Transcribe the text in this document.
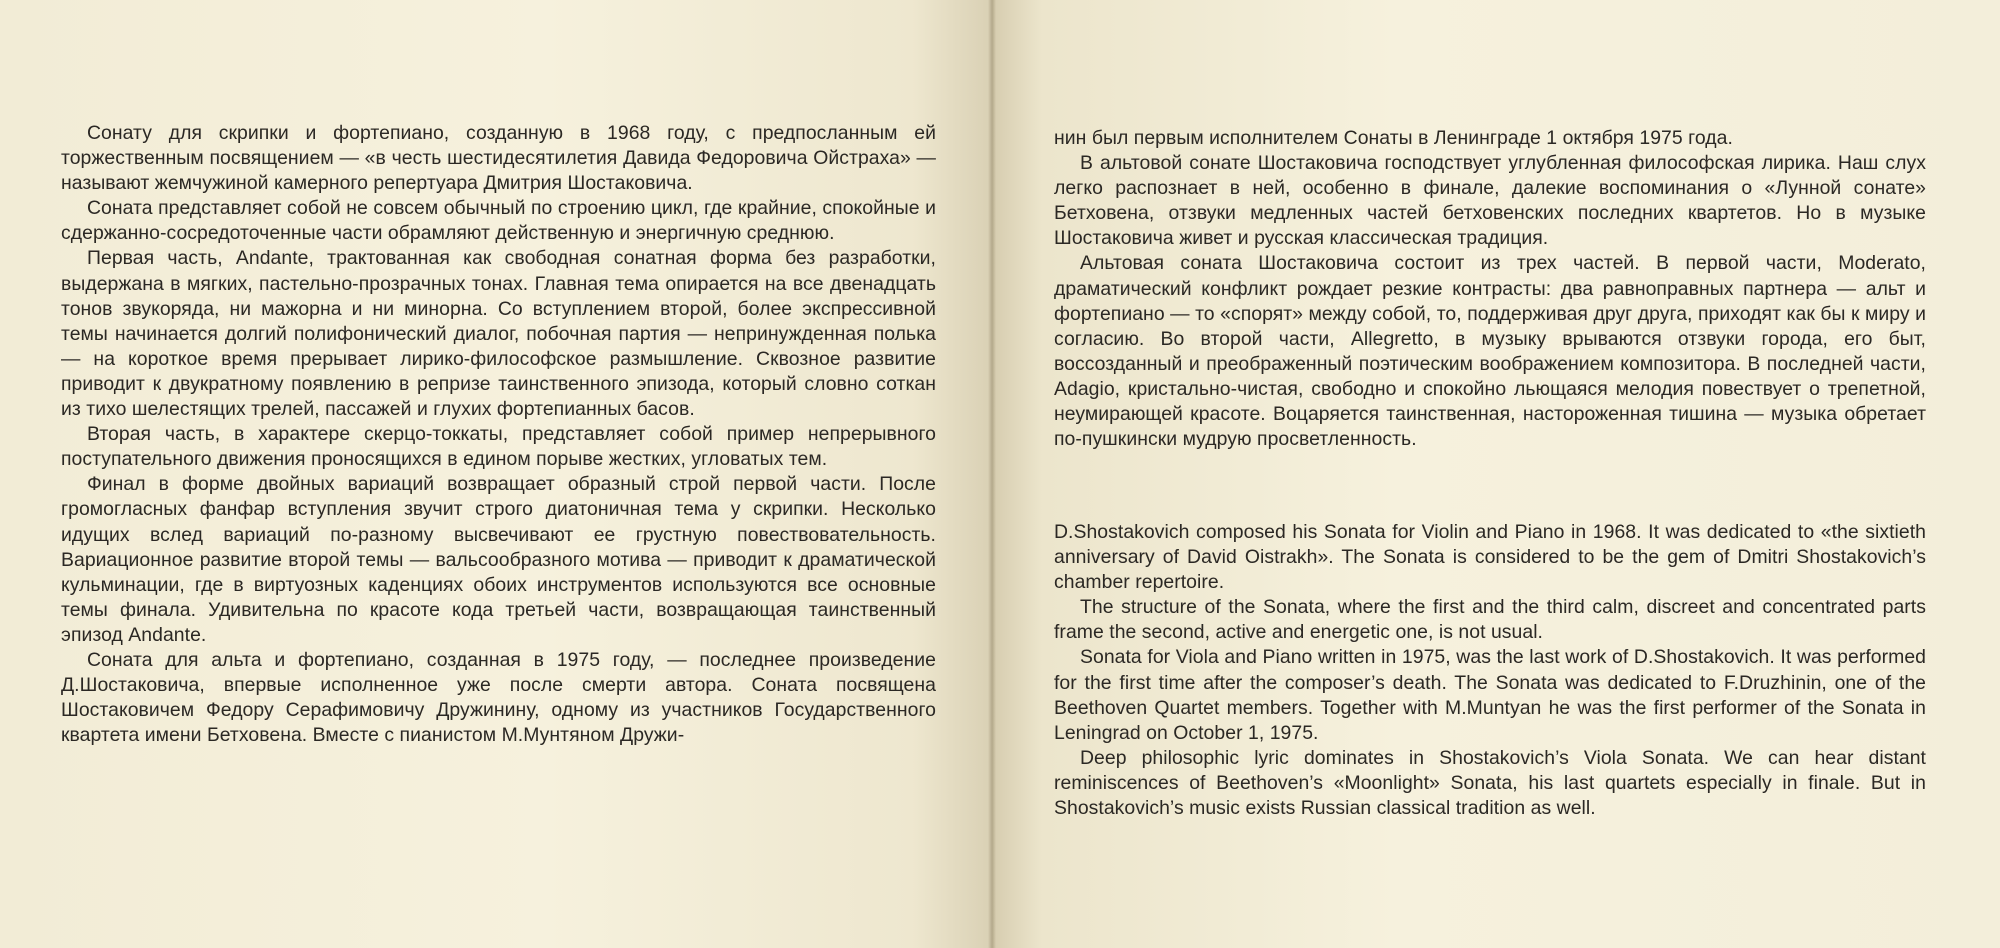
Сонату для скрипки и фортепиано, созданную в 1968 году, с предпосланным ей торжественным посвящением — «в честь шестидесятилетия Давида Федоровича Ойстраха» — называют жемчужиной камерного репертуара Дмитрия Шостаковича.

Соната представляет собой не совсем обычный по строению цикл, где крайние, спокойные и сдержанно-сосредоточенные части обрамляют действенную и энергичную среднюю.

Первая часть, Andante, трактованная как свободная сонатная форма без разработки, выдержана в мягких, пастельно-прозрачных тонах. Главная тема опирается на все двенадцать тонов звукоряда, ни мажорна и ни минорна. Со вступлением второй, более экспрессивной темы начинается долгий полифонический диалог, побочная партия — непринужденная полька — на короткое время прерывает лирико-философское размышление. Сквозное развитие приводит к двукратному появлению в репризе таинственного эпизода, который словно соткан из тихо шелестящих трелей, пассажей и глухих фортепианных басов.

Вторая часть, в характере скерцо-токкаты, представляет собой пример непрерывного поступательного движения проносящихся в едином порыве жестких, угловатых тем.

Финал в форме двойных вариаций возвращает образный строй первой части. После громогласных фанфар вступления звучит строго диатоничная тема у скрипки. Несколько идущих вслед вариаций по-разному высвечивают ее грустную повествовательность. Вариационное развитие второй темы — вальсообразного мотива — приводит к драматической кульминации, где в виртуозных каденциях обоих инструментов используются все основные темы финала. Удивительна по красоте кода третьей части, возвращающая таинственный эпизод Andante.

Соната для альта и фортепиано, созданная в 1975 году, — последнее произведение Д.Шостаковича, впервые исполненное уже после смерти автора. Соната посвящена Шостаковичем Федору Серафимовичу Дружинину, одному из участников Государственного квартета имени Бетховена. Вместе с пианистом М.Мунтяном Дружи-

нин был первым исполнителем Сонаты в Ленинграде 1 октября 1975 года.

В альтовой сонате Шостаковича господствует углубленная философская лирика. Наш слух легко распознает в ней, особенно в финале, далекие воспоминания о «Лунной сонате» Бетховена, отзвуки медленных частей бетховенских последних квартетов. Но в музыке Шостаковича живет и русская классическая традиция.

Альтовая соната Шостаковича состоит из трех частей. В первой части, Moderato, драматический конфликт рождает резкие контрасты: два равноправных партнера — альт и фортепиано — то «спорят» между собой, то, поддерживая друг друга, приходят как бы к миру и согласию. Во второй части, Allegretto, в музыку врываются отзвуки города, его быт, воссозданный и преображенный поэтическим воображением композитора. В последней части, Adagio, кристально-чистая, свободно и спокойно льющаяся мелодия повествует о трепетной, неумирающей красоте. Воцаряется таинственная, настороженная тишина — музыка обретает по-пушкински мудрую просветленность.

D.Shostakovich composed his Sonata for Violin and Piano in 1968. It was dedicated to «the sixtieth anniversary of David Oistrakh». The Sonata is considered to be the gem of Dmitri Shostakovich’s chamber repertoire.

The structure of the Sonata, where the first and the third calm, discreet and concentrated parts frame the second, active and energetic one, is not usual.

Sonata for Viola and Piano written in 1975, was the last work of D.Shostakovich. It was performed for the first time after the composer’s death. The Sonata was dedicated to F.Druzhinin, one of the Beethoven Quartet members. Together with M.Muntyan he was the first performer of the Sonata in Leningrad on October 1, 1975.

Deep philosophic lyric dominates in Shostakovich’s Viola Sonata. We can hear distant reminiscences of Beethoven’s «Moonlight» Sonata, his last quartets especially in finale. But in Shostakovich’s music exists Russian classical tradition as well.
